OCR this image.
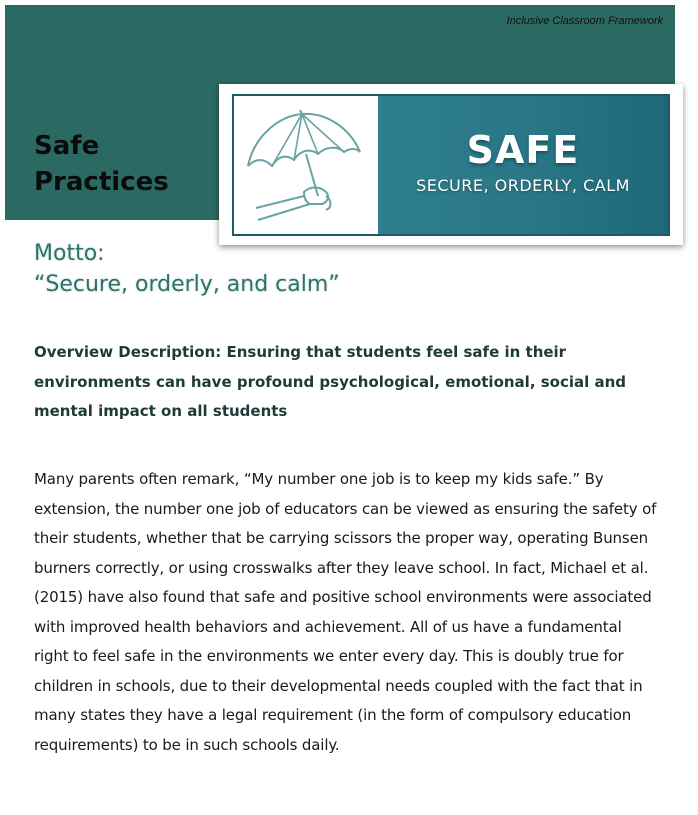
Inclusive Classroom Framework
Safe
Practices
SAFE
SECURE, ORDERLY, CALM
Motto:
“Secure, orderly, and calm”

Overview Description: Ensuring that students feel safe in their environments can have profound psychological, emotional, social and mental impact on all students

Many parents often remark, “My number one job is to keep my kids safe.” By extension, the number one job of educators can be viewed as ensuring the safety of their students, whether that be carrying scissors the proper way, operating Bunsen burners correctly, or using crosswalks after they leave school. In fact, Michael et al. (2015) have also found that safe and positive school environments were associated with improved health behaviors and achievement. All of us have a fundamental right to feel safe in the environments we enter every day. This is doubly true for children in schools, due to their developmental needs coupled with the fact that in many states they have a legal requirement (in the form of compulsory education requirements) to be in such schools daily.
